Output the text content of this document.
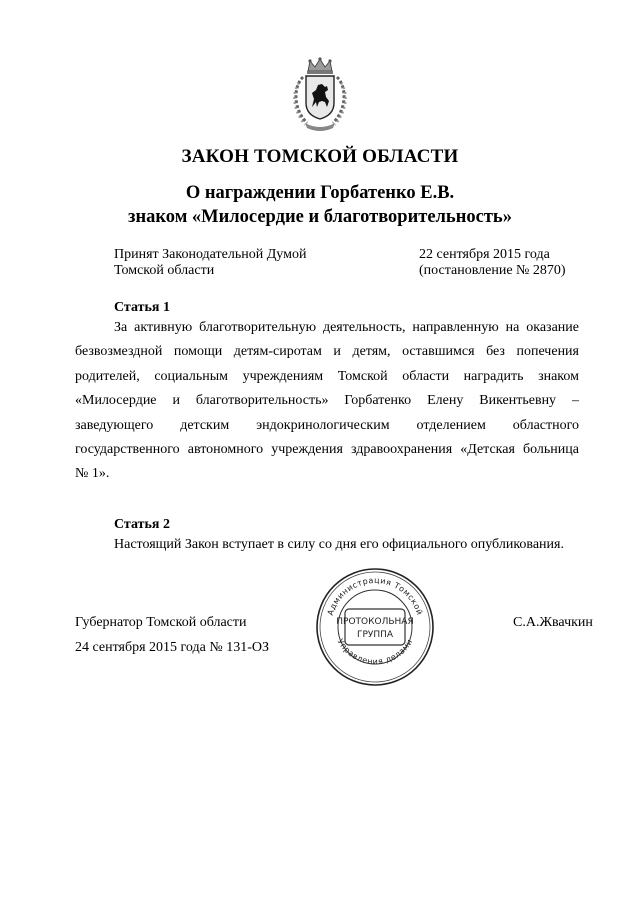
ЗАКОН ТОМСКОЙ ОБЛАСТИ
О награждении Горбатенко Е.В.
знаком «Милосердие и благотворительность»
Принят Законодательной Думой
Томской области
22 сентября 2015 года
(постановление № 2870)
Статья 1
За активную благотворительную деятельность, направленную на оказание
безвозмездной помощи детям-сиротам и детям, оставшимся без попечения
родителей, социальным учреждениям Томской области наградить знаком
«Милосердие и благотворительность» Горбатенко Елену Викентьевну –
заведующего детским эндокринологическим отделением областного
государственного автономного учреждения здравоохранения «Детская больница
№ 1».
Статья 2
Настоящий Закон вступает в силу со дня его официального опубликования.
Губернатор Томской области	С.А.Жвачкин
24 сентября 2015 года № 131-ОЗ
Администрация Томской
Управления делами
ПРОТОКОЛЬНАЯ
ГРУППА
